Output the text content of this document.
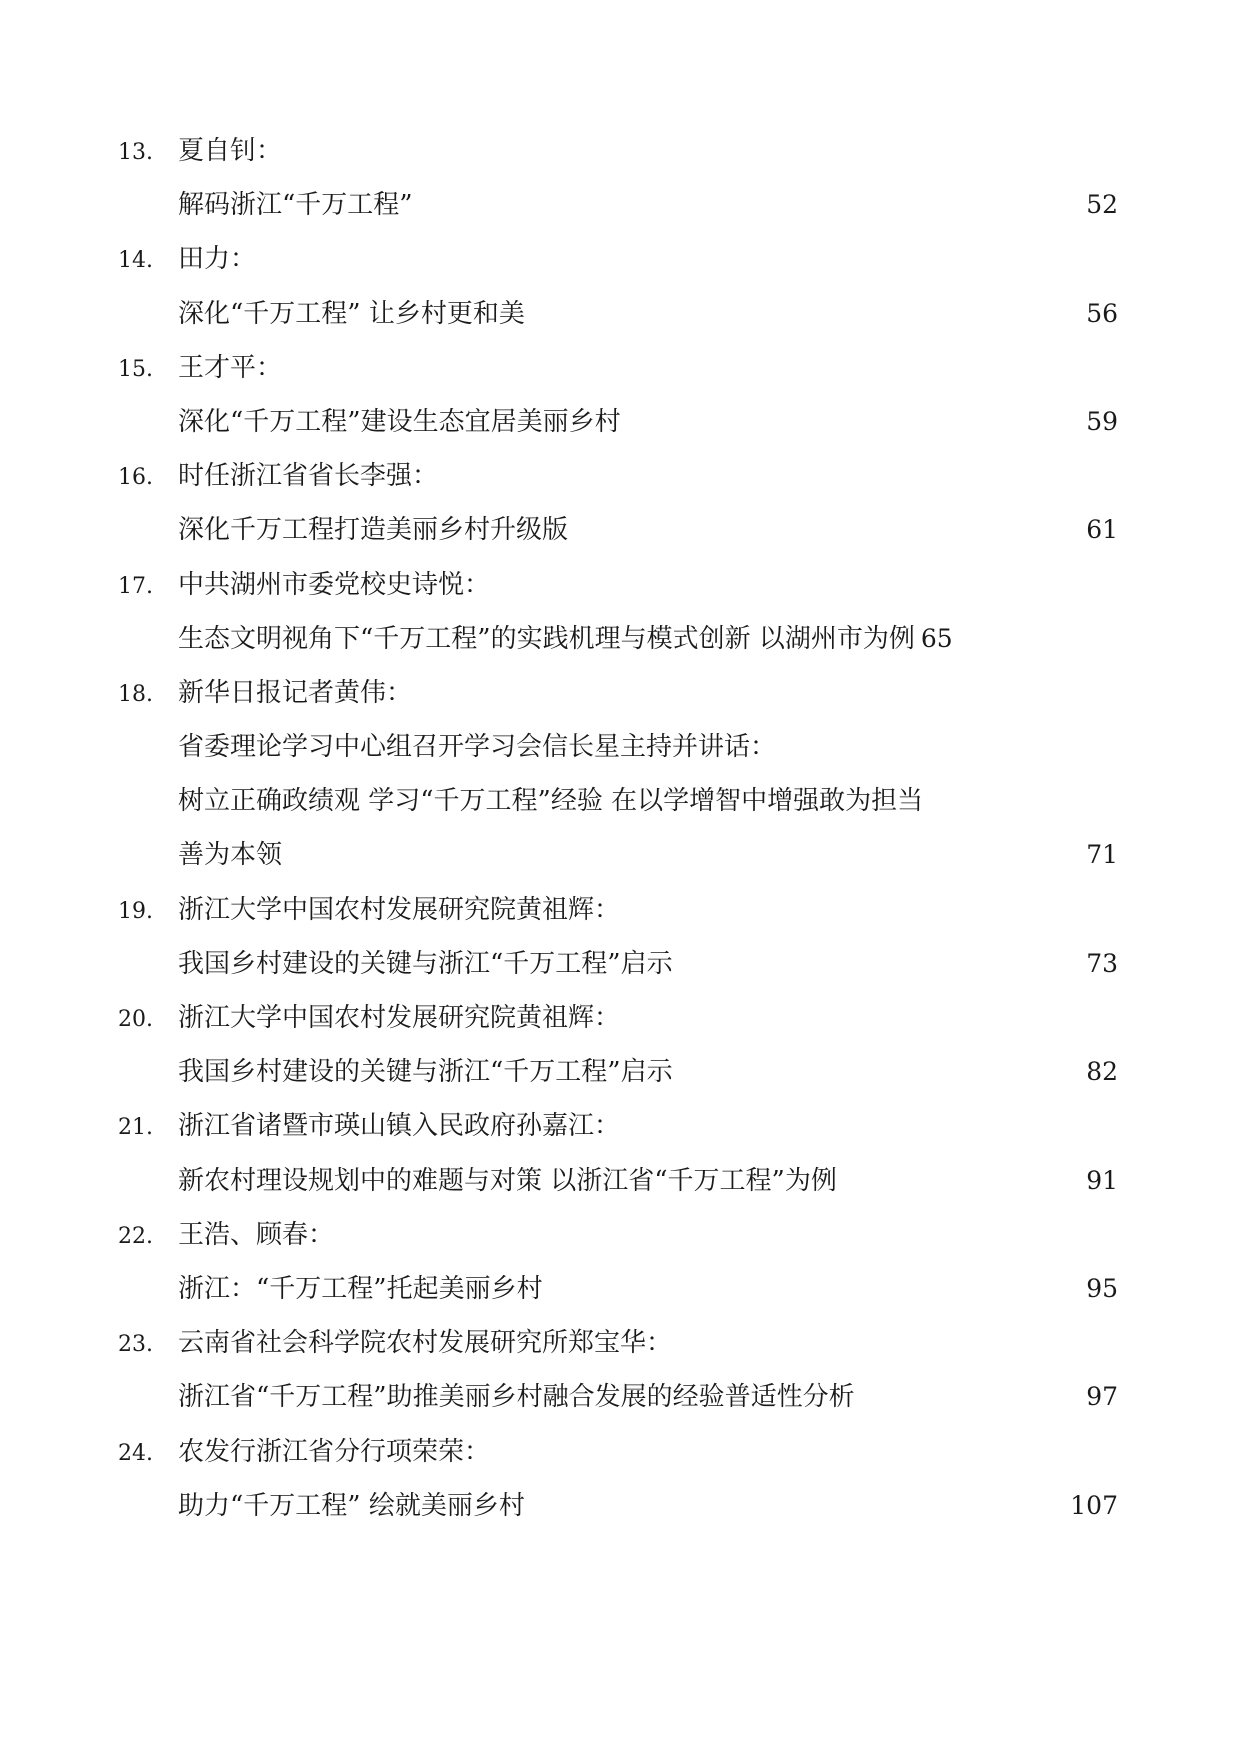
13. 夏自钊：
解码浙江“千万工程”	52
14. 田力：
深化“千万工程” 让乡村更和美	56
15. 王才平：
深化“千万工程”建设生态宜居美丽乡村	59
16. 时任浙江省省长李强：
深化千万工程打造美丽乡村升级版	61
17. 中共湖州市委党校史诗悦：
生态文明视角下“千万工程”的实践机理与模式创新 以湖州市为例 65
18. 新华日报记者黄伟：
省委理论学习中心组召开学习会信长星主持并讲话：
树立正确政绩观 学习“千万工程”经验 在以学增智中增强敢为担当
善为本领	71
19. 浙江大学中国农村发展研究院黄祖辉：
我国乡村建设的关键与浙江“千万工程”启示	73
20. 浙江大学中国农村发展研究院黄祖辉：
我国乡村建设的关键与浙江“千万工程”启示	82
21. 浙江省诸暨市瑛山镇入民政府孙嘉江：
新农村理设规划中的难题与对策 以浙江省“千万工程”为例	91
22. 王浩、顾春：
浙江：“千万工程”托起美丽乡村	95
23. 云南省社会科学院农村发展研究所郑宝华：
浙江省“千万工程”助推美丽乡村融合发展的经验普适性分析	97
24. 农发行浙江省分行项荣荣：
助力“千万工程” 绘就美丽乡村	107
